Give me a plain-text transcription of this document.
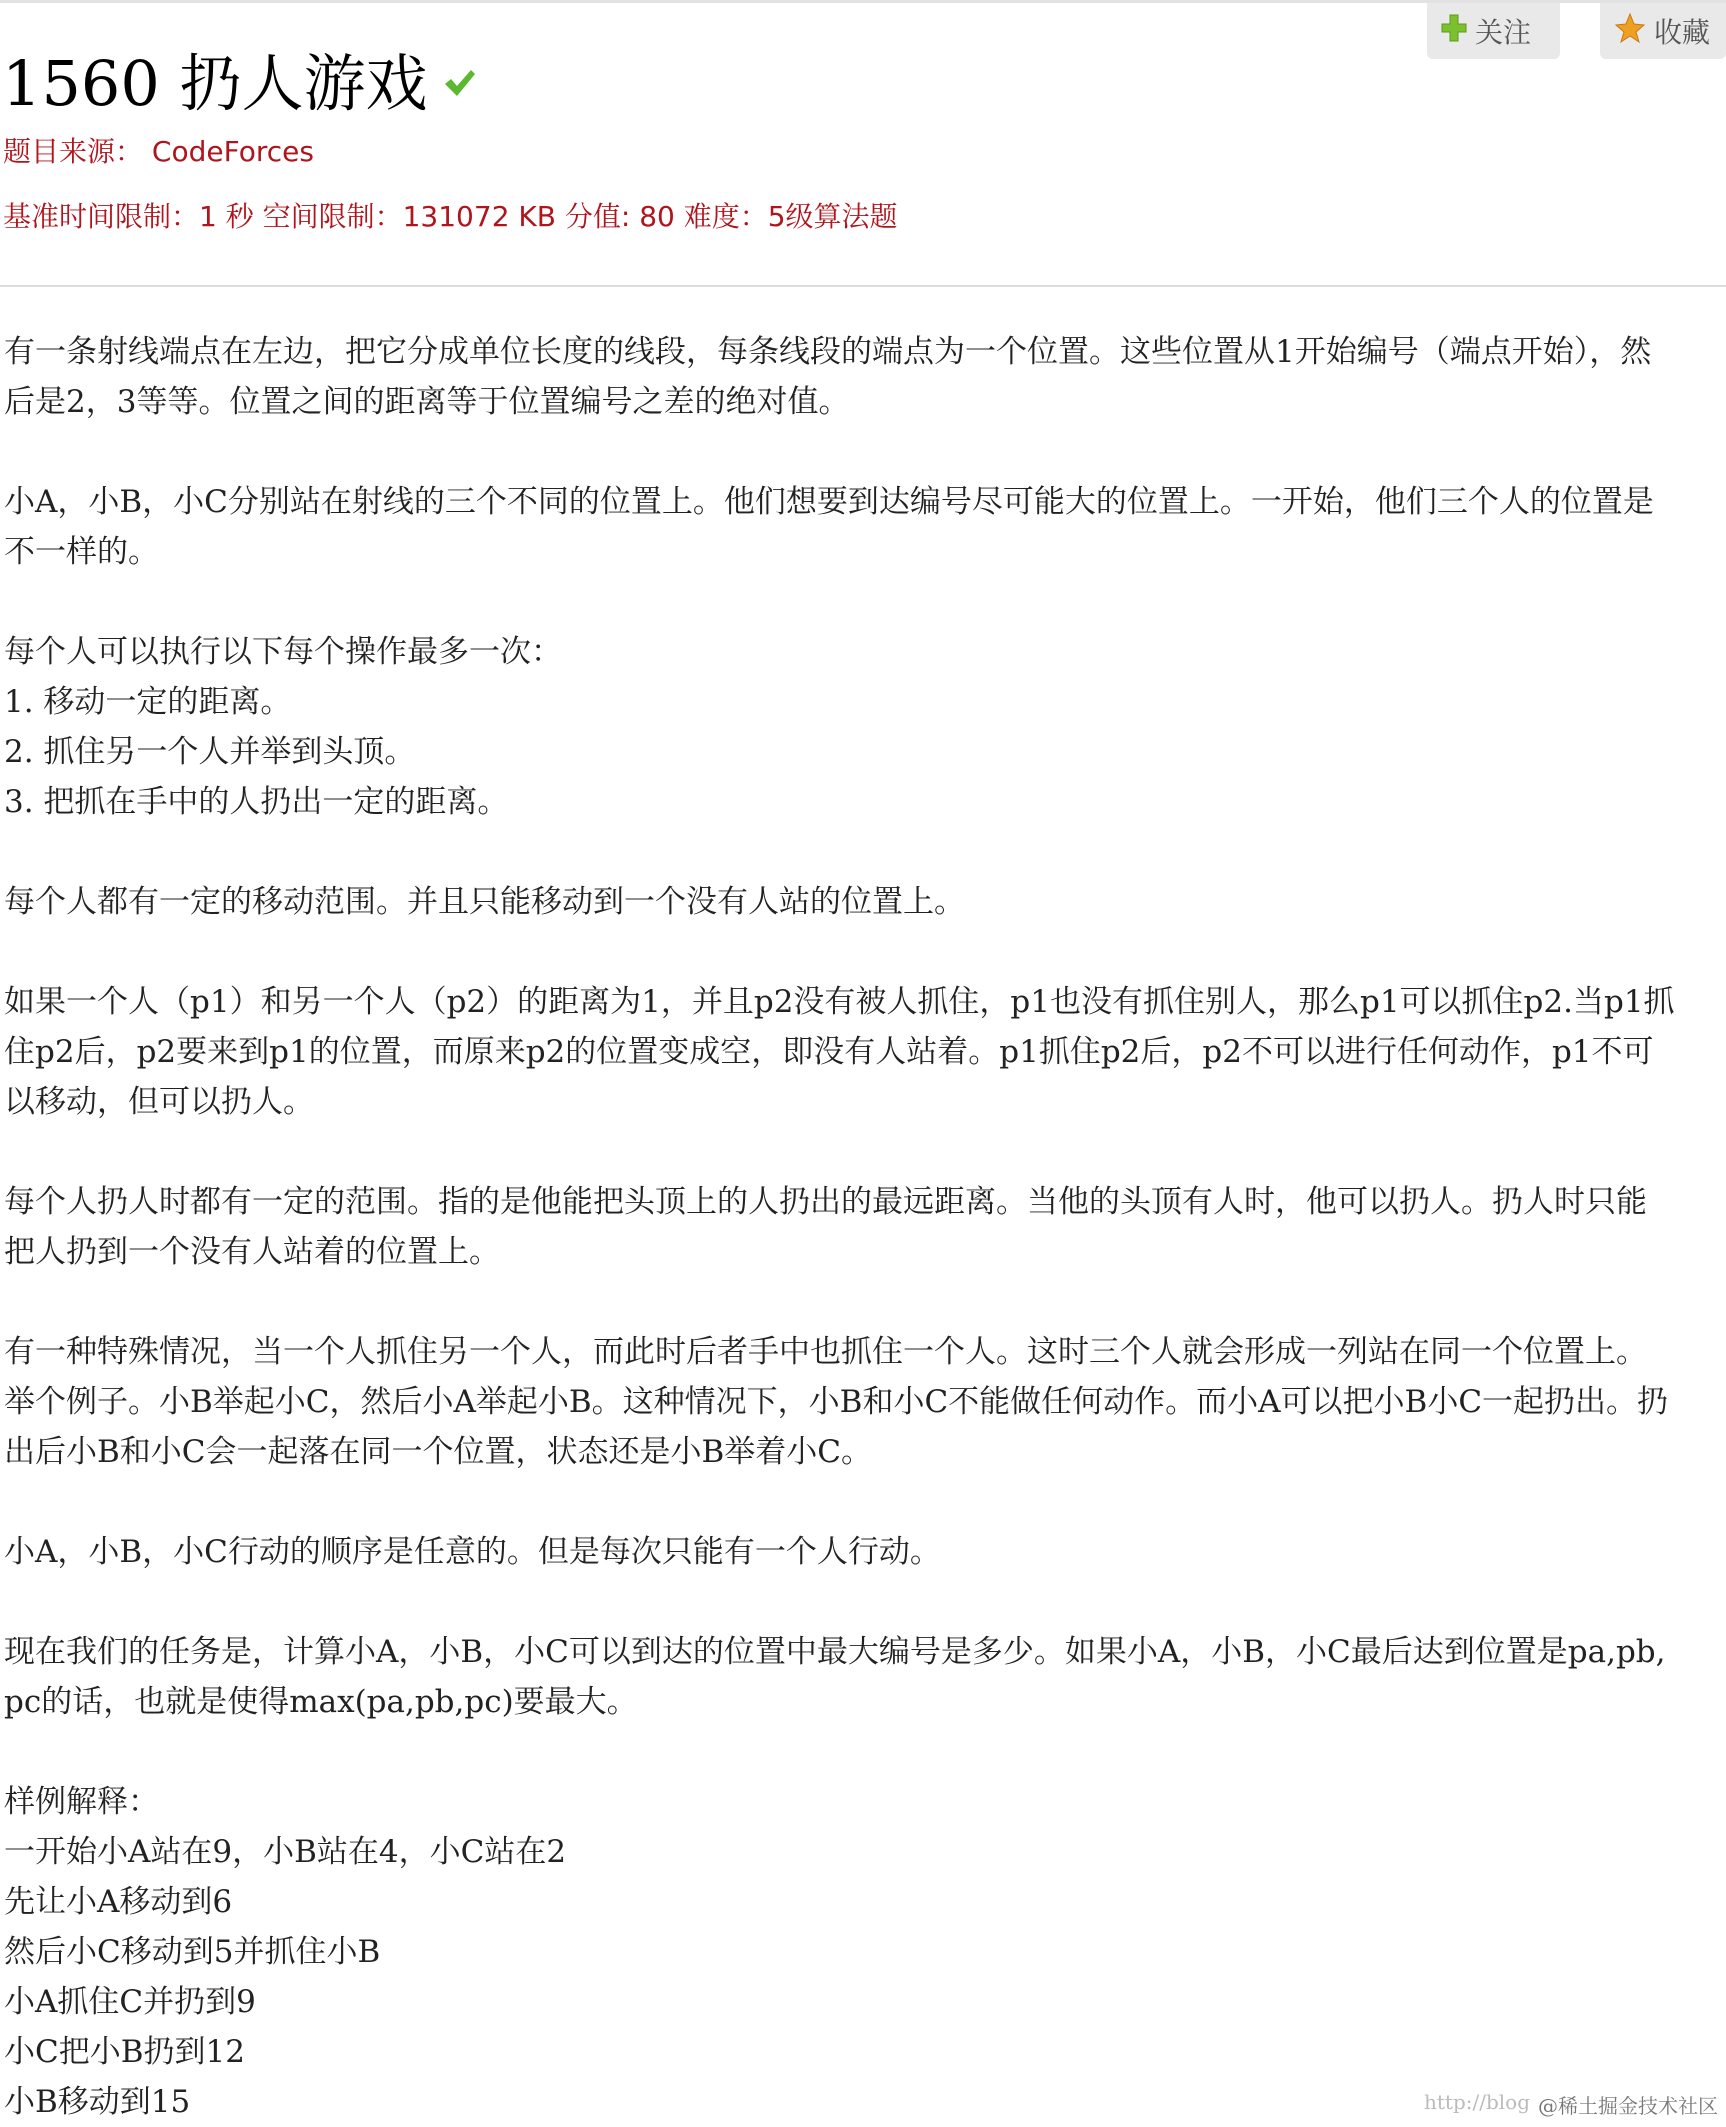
关注	收藏
1560 扔人游戏
题目来源： CodeForces
基准时间限制：1 秒 空间限制：131072 KB 分值: 80 难度：5级算法题
有一条射线端点在左边，把它分成单位长度的线段，每条线段的端点为一个位置。这些位置从1开始编号（端点开始），然
后是2，3等等。位置之间的距离等于位置编号之差的绝对值。
小A，小B，小C分别站在射线的三个不同的位置上。他们想要到达编号尽可能大的位置上。一开始，他们三个人的位置是
不一样的。
每个人可以执行以下每个操作最多一次：
1. 移动一定的距离。
2. 抓住另一个人并举到头顶。
3. 把抓在手中的人扔出一定的距离。
每个人都有一定的移动范围。并且只能移动到一个没有人站的位置上。
如果一个人（p1）和另一个人（p2）的距离为1，并且p2没有被人抓住，p1也没有抓住别人，那么p1可以抓住p2.当p1抓
住p2后，p2要来到p1的位置，而原来p2的位置变成空，即没有人站着。p1抓住p2后，p2不可以进行任何动作，p1不可
以移动，但可以扔人。
每个人扔人时都有一定的范围。指的是他能把头顶上的人扔出的最远距离。当他的头顶有人时，他可以扔人。扔人时只能
把人扔到一个没有人站着的位置上。
有一种特殊情况，当一个人抓住另一个人，而此时后者手中也抓住一个人。这时三个人就会形成一列站在同一个位置上。
举个例子。小B举起小C，然后小A举起小B。这种情况下，小B和小C不能做任何动作。而小A可以把小B小C一起扔出。扔
出后小B和小C会一起落在同一个位置，状态还是小B举着小C。
小A，小B，小C行动的顺序是任意的。但是每次只能有一个人行动。
现在我们的任务是，计算小A，小B，小C可以到达的位置中最大编号是多少。如果小A，小B，小C最后达到位置是pa,pb,
pc的话，也就是使得max(pa,pb,pc)要最大。
样例解释：
一开始小A站在9，小B站在4，小C站在2
先让小A移动到6
然后小C移动到5并抓住小B
小A抓住C并扔到9
小C把小B扔到12
小B移动到15	http://blog @稀土掘金技术社区
